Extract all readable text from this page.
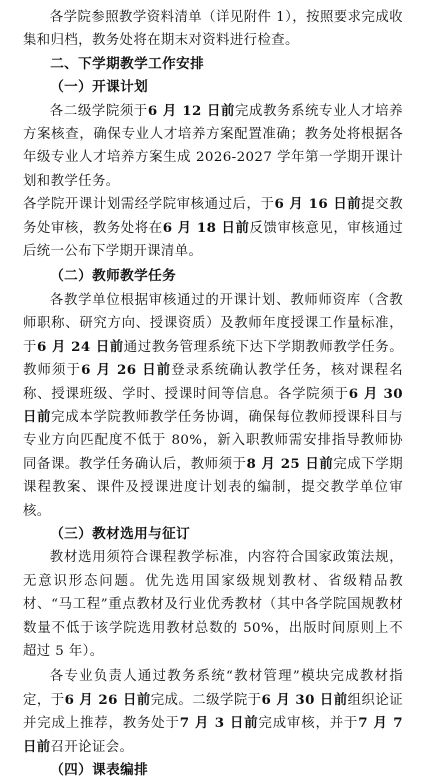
各学院参照教学资料清单（详见附件 1），按照要求完成收集和归档，教务处将在期末对资料进行检查。

二、下学期教学工作安排

（一）开课计划

各二级学院须于6 月 12 日前完成教务系统专业人才培养方案核查，确保专业人才培养方案配置准确；教务处将根据各年级专业人才培养方案生成 2026-2027 学年第一学期开课计划和教学任务。

各学院开课计划需经学院审核通过后，于6 月 16 日前提交教务处审核，教务处将在6 月 18 日前反馈审核意见，审核通过后统一公布下学期开课清单。

（二）教师教学任务

各教学单位根据审核通过的开课计划、教师师资库（含教师职称、研究方向、授课资质）及教师年度授课工作量标准，于6 月 24 日前通过教务管理系统下达下学期教师教学任务。教师须于6 月 26 日前登录系统确认教学任务，核对课程名称、授课班级、学时、授课时间等信息。各学院须于6 月 30 日前完成本学院教师教学任务协调，确保每位教师授课科目与专业方向匹配度不低于 80%，新入职教师需安排指导教师协同备课。教学任务确认后，教师须于8 月 25 日前完成下学期课程教案、课件及授课进度计划表的编制，提交教学单位审核。

（三）教材选用与征订

教材选用须符合课程教学标准，内容符合国家政策法规，无意识形态问题。优先选用国家级规划教材、省级精品教材、“马工程”重点教材及行业优秀教材（其中各学院国规教材数量不低于该学院选用教材总数的 50%，出版时间原则上不超过 5 年）。

各专业负责人通过教务系统“教材管理”模块完成教材指定，于6 月 26 日前完成。二级学院于6 月 30 日前组织论证并完成上推荐，教务处于7 月 3 日前完成审核，并于7 月 7 日前召开论证会。

（四）课表编排
